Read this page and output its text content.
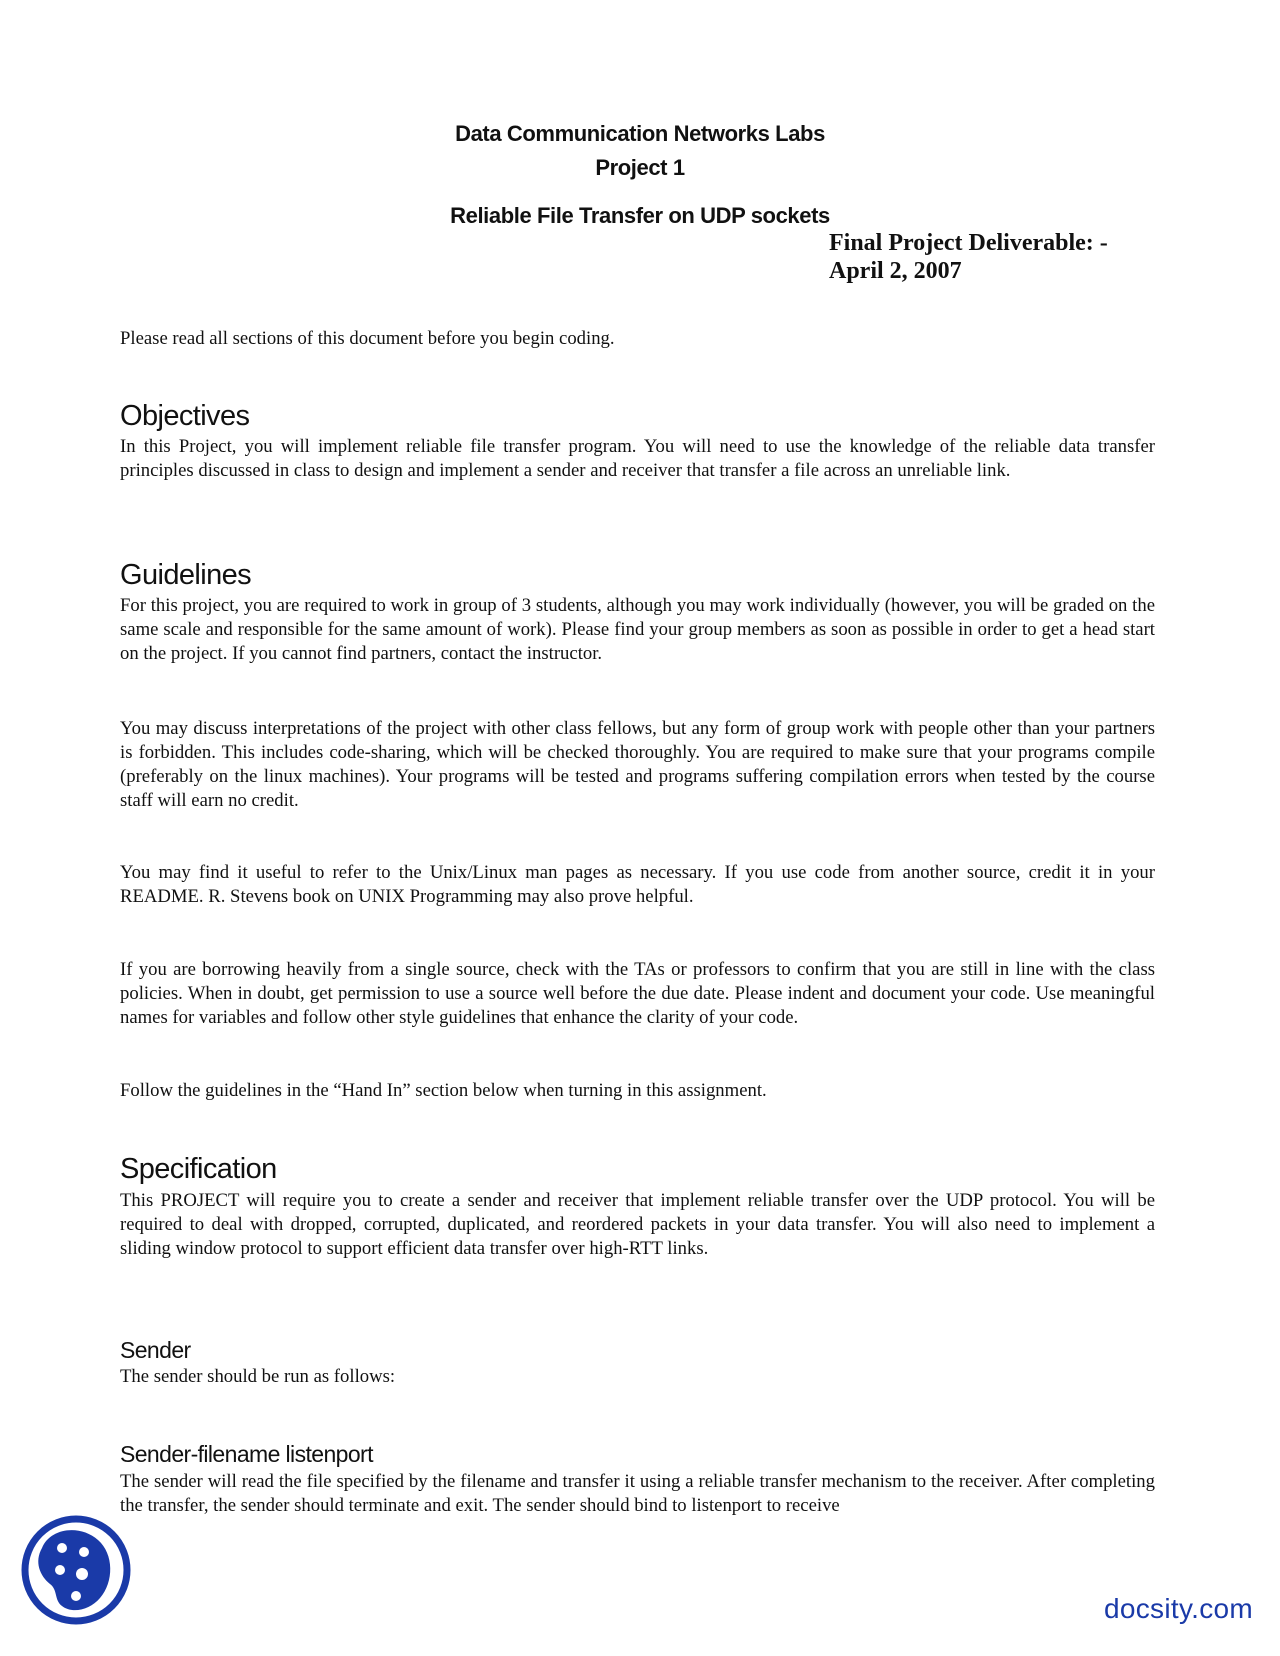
Data Communication Networks Labs
Project 1
Reliable File Transfer on UDP sockets
Final Project Deliverable: -
April 2, 2007

Please read all sections of this document before you begin coding.

Objectives

In this Project, you will implement reliable file transfer program. You will need to use the knowledge of the reliable data transfer principles discussed in class to design and implement a sender and receiver that transfer a file across an unreliable link.

Guidelines

For this project, you are required to work in group of 3 students, although you may work individually (however, you will be graded on the same scale and responsible for the same amount of work). Please find your group members as soon as possible in order to get a head start on the project. If you cannot find partners, contact the instructor.

You may discuss interpretations of the project with other class fellows, but any form of group work with people other than your partners is forbidden. This includes code-sharing, which will be checked thoroughly. You are required to make sure that your programs compile (preferably on the linux machines). Your programs will be tested and programs suffering compilation errors when tested by the course staff will earn no credit.

You may find it useful to refer to the Unix/Linux man pages as necessary. If you use code from another source, credit it in your README. R. Stevens book on UNIX Programming may also prove helpful.

If you are borrowing heavily from a single source, check with the TAs or professors to confirm that you are still in line with the class policies. When in doubt, get permission to use a source well before the due date. Please indent and document your code. Use meaningful names for variables and follow other style guidelines that enhance the clarity of your code.

Follow the guidelines in the “Hand In” section below when turning in this assignment.

Specification

This PROJECT will require you to create a sender and receiver that implement reliable transfer over the UDP protocol. You will be required to deal with dropped, corrupted, duplicated, and reordered packets in your data transfer. You will also need to implement a sliding window protocol to support efficient data transfer over high-RTT links.

Sender

The sender should be run as follows:

Sender-filename listenport

The sender will read the file specified by the filename and transfer it using a reliable transfer mechanism to the receiver. After completing the transfer, the sender should terminate and exit. The sender should bind to listenport to receive

docsity.com
